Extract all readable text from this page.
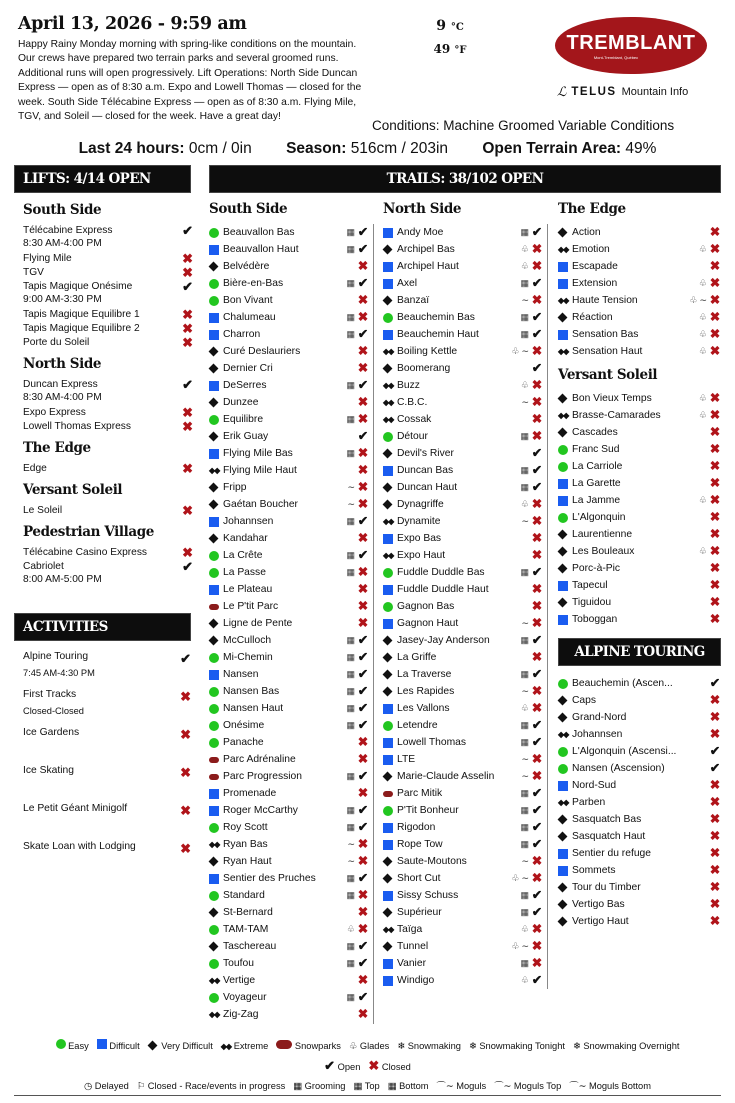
April 13, 2026 - 9:59 am

Happy Rainy Monday morning with spring-like conditions on the mountain. Our crews have prepared two terrain parks and several groomed runs. Additional runs will open progressively. Lift Operations: North Side Duncan Express — open as of 8:30 a.m. Expo and Lowell Thomas — closed for the week. South Side Télécabine Express — open as of 8:30 a.m. Flying Mile, TGV, and Soleil — closed for the week. Have a great day!

9 °C
49 °F	TREMBLANT
Mont-Tremblant, Québec
ℒ TELUS Mountain Info
Conditions: Machine Groomed Variable Conditions
Last 24 hours: 0cm / 0in Season: 516cm / 203in Open Terrain Area: 49%
LIFTS: 4/14 OPEN	TRAILS: 38/102 OPEN
ACTIVITIES
ALPINE TOURING
South Side
Télécabine Express
8:30 AM-4:00 PM
✔
Flying Mile	✖
TGV	✖
Tapis Magique Onésime
9:00 AM-3:30 PM
✔
Tapis Magique Equilibre 1	✖
Tapis Magique Equilibre 2	✖
Porte du Soleil	✖
North Side
Duncan Express
8:30 AM-4:00 PM
✔
Expo Express	✖
Lowell Thomas Express	✖
The Edge
Edge	✖
Versant Soleil
Le Soleil	✖
Pedestrian Village
Télécabine Casino Express	✖
Cabriolet
8:00 AM-5:00 PM
✔
Alpine Touring
7:45 AM-4:30 PM
✔
First Tracks
Closed-Closed
✖
Ice Gardens	✖
Ice Skating	✖
Le Petit Géant Minigolf	✖
Skate Loan with Lodging	✖
South Side
Beauvallon Bas	▦ ✔
Beauvallon Haut	▦ ✔
Belvédère	✖
Bière-en-Bas	▦ ✔
Bon Vivant	✖
Chalumeau	▦ ✖
Charron	▦ ✔
Curé Deslauriers	✖
Dernier Cri	✖
DeSerres	▦ ✔
Dunzee	✖
Equilibre	▦ ✖
Erik Guay	✔
Flying Mile Bas	▦ ✖
◆◆ Flying Mile Haut	✖
Fripp	∼ ✖
Gaétan Boucher	∼ ✖
Johannsen	▦ ✔
Kandahar	✖
La Crête	▦ ✔
La Passe	▦ ✖
Le Plateau	✖
Le P'tit Parc	✖
Ligne de Pente	✖
McCulloch	▦ ✔
Mi-Chemin	▦ ✔
Nansen	▦ ✔
Nansen Bas	▦ ✔
Nansen Haut	▦ ✔
Onésime	▦ ✔
Panache	✖
Parc Adrénaline	✖
Parc Progression	▦ ✔
Promenade	✖
Roger McCarthy	▦ ✔
Roy Scott	▦ ✔
◆◆ Ryan Bas	∼ ✖
Ryan Haut	∼ ✖
Sentier des Pruches	▦ ✔
Standard	▦ ✖
St-Bernard	✖
TAM-TAM	♧ ✖
Taschereau	▦ ✔
Toufou	▦ ✔
◆◆ Vertige	✖
Voyageur	▦ ✔
◆◆ Zig-Zag	✖
North Side
Andy Moe	▦ ✔
Archipel Bas	♧ ✖
Archipel Haut	♧ ✖
Axel	▦ ✔
Banzaï	∼ ✖
Beauchemin Bas	▦ ✔
Beauchemin Haut	▦ ✔
◆◆ Boiling Kettle	♧ ∼ ✖
Boomerang	✔
◆◆ Buzz	♧ ✖
◆◆ C.B.C.	∼ ✖
◆◆ Cossak	✖
Détour	▦ ✖
Devil's River	✔
Duncan Bas	▦ ✔
Duncan Haut	▦ ✔
Dynagriffe	♧ ✖
◆◆ Dynamite	∼ ✖
Expo Bas	✖
◆◆ Expo Haut	✖
Fuddle Duddle Bas	▦ ✔
Fuddle Duddle Haut	✖
Gagnon Bas	✖
Gagnon Haut	∼ ✖
Jasey-Jay Anderson	▦ ✔
La Griffe	✖
La Traverse	▦ ✔
Les Rapides	∼ ✖
Les Vallons	♧ ✖
Letendre	▦ ✔
Lowell Thomas	▦ ✔
LTE	∼ ✖
Marie-Claude Asselin	∼ ✖
Parc Mitik	▦ ✔
P'Tit Bonheur	▦ ✔
Rigodon	▦ ✔
Rope Tow	▦ ✔
Saute-Moutons	∼ ✖
Short Cut	♧ ∼ ✖
Sissy Schuss	▦ ✔
Supérieur	▦ ✔
◆◆ Taïga	♧ ✖
Tunnel	♧ ∼ ✖
Vanier	▦ ✖
Windigo	♧ ✔
The Edge
Action	✖
◆◆ Emotion	♧ ✖
Escapade	✖
Extension	♧ ✖
◆◆ Haute Tension	♧ ∼ ✖
Réaction	♧ ✖
Sensation Bas	♧ ✖
◆◆ Sensation Haut	♧ ✖
Versant Soleil
Bon Vieux Temps	♧ ✖
◆◆ Brasse-Camarades	♧ ✖
Cascades	✖
Franc Sud	✖
La Carriole	✖
La Garette	✖
La Jamme	♧ ✖
L'Algonquin	✖
Laurentienne	✖
Les Bouleaux	♧ ✖
Porc-à-Pic	✖
Tapecul	✖
Tiguidou	✖
Toboggan	✖
Beauchemin (Ascen...	✔
Caps	✖
Grand-Nord	✖
◆◆ Johannsen	✖
L'Algonquin (Ascensi...	✔
Nansen (Ascension)	✔
Nord-Sud	✖
◆◆ Parben	✖
Sasquatch Bas	✖
Sasquatch Haut	✖
Sentier du refuge	✖
Sommets	✖
Tour du Timber	✖
Vertigo Bas	✖
Vertigo Haut	✖
Easy Difficult Very Difficult ◆◆ Extreme	Snowparks ♧ Glades ❄ Snowmaking ❄ Snowmaking Tonight ❄ Snowmaking Overnight
✔ Open ✖ Closed
◷ Delayed ⚐ Closed - Race/events in progress ▦ Grooming ▦ Top ▦ Bottom ⌒∼ Moguls ⌒∼ Moguls Top ⌒∼ Moguls Bottom
